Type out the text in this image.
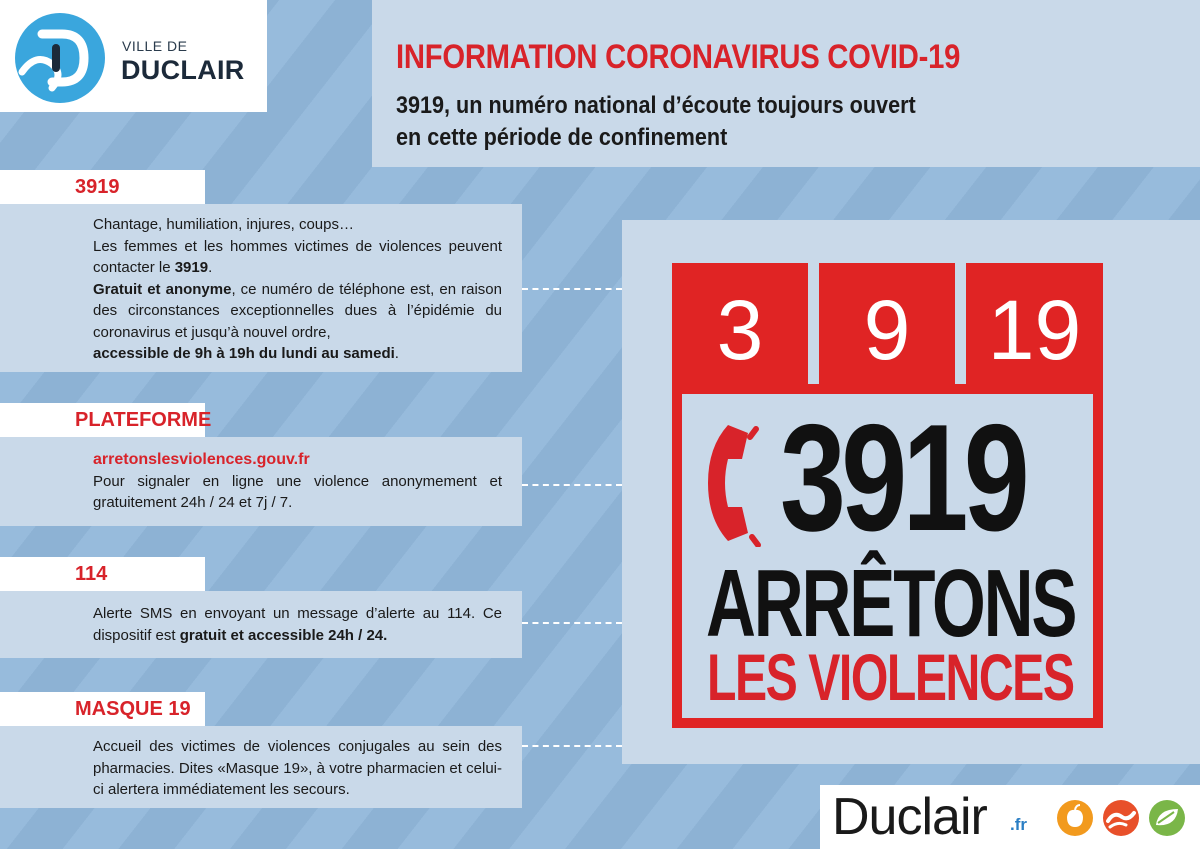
VILLE DE
DUCLAIR	INFORMATION CORONAVIRUS COVID-19
3919, un numéro national d’écoute toujours ouvert
en cette période de confinement
3919

Chantage, humiliation, injures, coups…

Les femmes et les hommes victimes de violences peuvent contacter le 3919.

Gratuit et anonyme, ce numéro de téléphone est, en raison des circonstances exceptionnelles dues à l’épidémie du coronavirus et jusqu’à nouvel ordre,

accessible de 9h à 19h du lundi au samedi.

PLATEFORME

arretonslesviolences.gouv.fr

Pour signaler en ligne une violence anonymement et gratuitement 24h / 24 et 7j / 7.

114

Alerte SMS en envoyant un message d’alerte au 114. Ce dispositif est gratuit et accessible 24h / 24.

MASQUE 19

Accueil des victimes de violences conjugales au sein des pharmacies. Dites «Masque 19», à votre pharmacien et celui-ci alertera immédiatement les secours.

3	9 19
3919
ARRÊTONS
LES VIOLENCES
Duclair .fr
